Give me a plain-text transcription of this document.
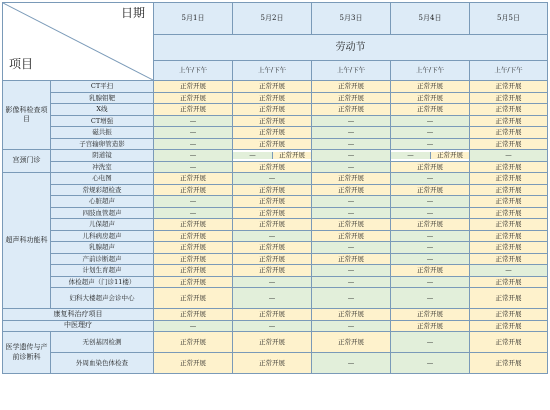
日期
项目		5月1日	5月2日	5月3日	5月4日	5月5日
		劳动节				
		上午/下午	上午/下午	上午/下午	上午/下午	上午/下午
影像科检查项目	CT平扫	正常开展	正常开展	正常开展	正常开展	正常开展
	乳腺钼靶	正常开展	正常开展	正常开展	正常开展	正常开展
	X线	正常开展	正常开展	正常开展	正常开展	正常开展
	CT增强	—	正常开展	—	—	正常开展
	磁共振	—	正常开展	—	—	正常开展
	子宫输卵管造影	—	正常开展	—	—	正常开展
宫颈门诊	阴道镜	—	— 正常开展	—	— 正常开展	—
	冲洗室	—	正常开展	—	正常开展	正常开展
超声科功能科	心电图	正常开展	—	正常开展	—	正常开展
	常规彩超检查	正常开展	正常开展	正常开展	正常开展	正常开展
	心脏超声	—	正常开展	—	—	正常开展
	四肢血管超声	—	正常开展	—	—	正常开展
	儿保超声	正常开展	正常开展	正常开展	正常开展	正常开展
	儿科病房超声	正常开展	—	正常开展	—	正常开展
	乳腺超声	正常开展	正常开展	—	—	正常开展
	产前诊断超声	正常开展	正常开展	正常开展	—	正常开展
	计划生育超声	正常开展	正常开展	—	正常开展	—
	体检超声（门诊11楼）	正常开展	—	—	—	正常开展
	妇科大楼超声会诊中心	正常开展	—	—	—	正常开展
康复科治疗项目		正常开展	正常开展	正常开展	正常开展	正常开展
中医理疗		—	—	—	正常开展	正常开展
医学遗传与产前诊断科	无创基因检测	正常开展	正常开展	正常开展	—	正常开展
	外周血染色体检查	正常开展	正常开展	—	—	正常开展
